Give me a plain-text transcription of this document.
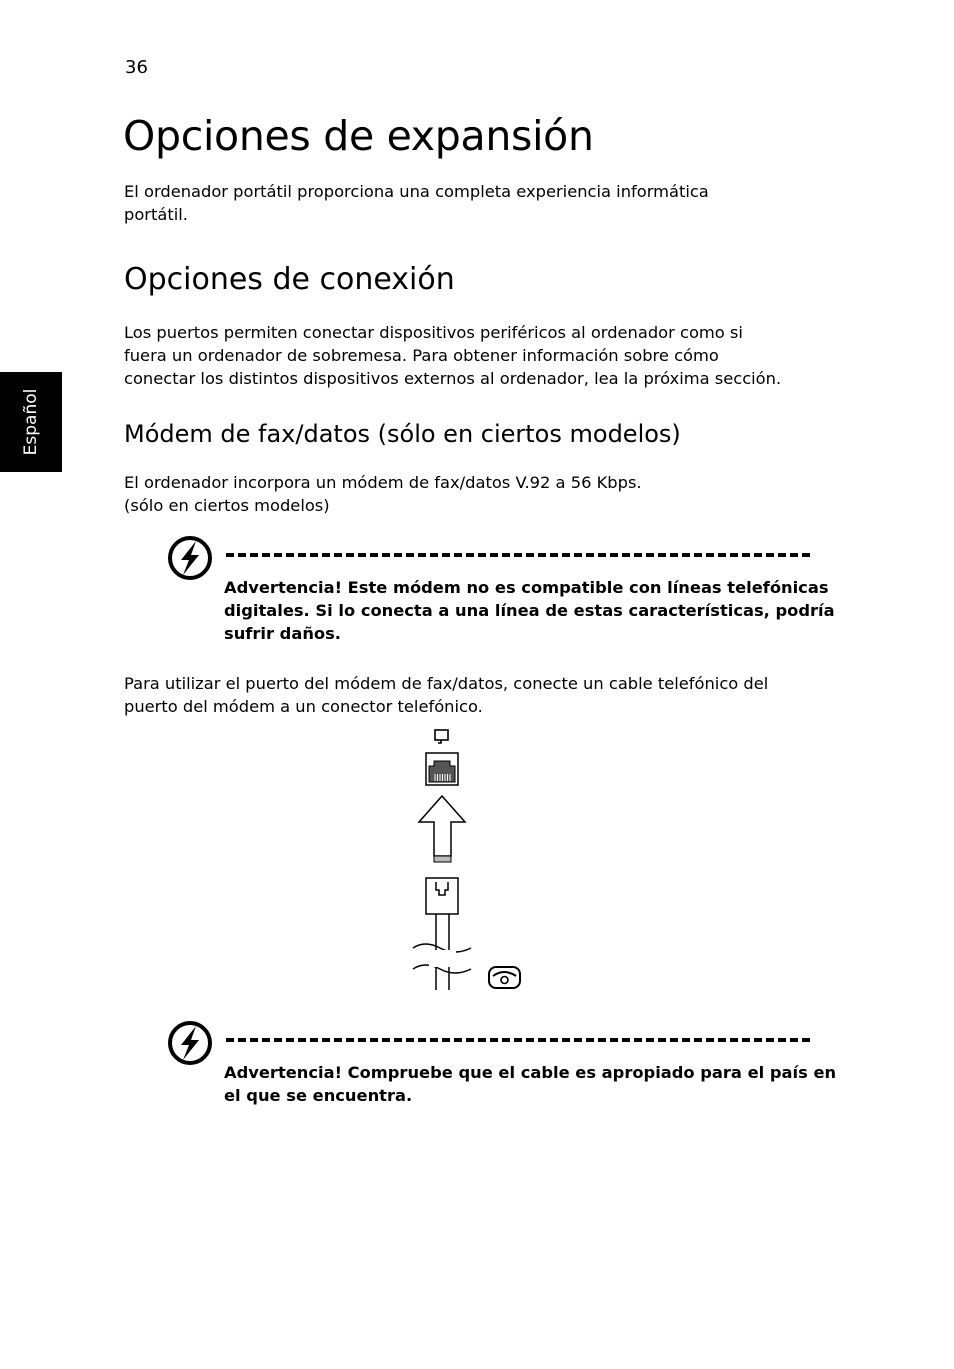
36
Opciones de expansión

El ordenador portátil proporciona una completa experiencia informática
portátil.

Opciones de conexión

Los puertos permiten conectar dispositivos periféricos al ordenador como si
fuera un ordenador de sobremesa. Para obtener información sobre cómo
conectar los distintos dispositivos externos al ordenador, lea la próxima sección.

Español	Módem de fax/datos (sólo en ciertos modelos)

El ordenador incorpora un módem de fax/datos V.92 a 56 Kbps.
(sólo en ciertos modelos)

Advertencia! Este módem no es compatible con líneas telefónicas
digitales. Si lo conecta a una línea de estas características, podría
sufrir daños.

Para utilizar el puerto del módem de fax/datos, conecte un cable telefónico del
puerto del módem a un conector telefónico.

Advertencia! Compruebe que el cable es apropiado para el país en
el que se encuentra.
